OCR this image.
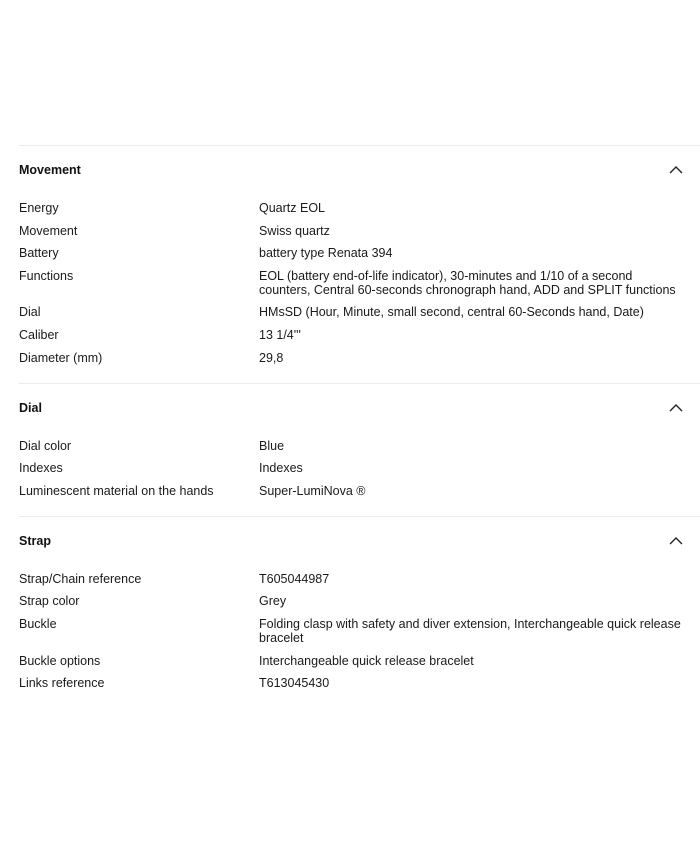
Movement
Energy	Quartz EOL
Movement	Swiss quartz
Battery	battery type Renata 394
Functions	EOL (battery end-of-life indicator), 30-minutes and 1/10 of a second counters, Central 60-seconds chronograph hand, ADD and SPLIT functions
Dial	HMsSD (Hour, Minute, small second, central 60-Seconds hand, Date)
Caliber	13 1/4'''
Diameter (mm)	29,8
Dial
Dial color	Blue
Indexes	Indexes
Luminescent material on the hands	Super-LumiNova ®
Strap
Strap/Chain reference	T605044987
Strap color	Grey
Buckle	Folding clasp with safety and diver extension, Interchangeable quick release bracelet
Buckle options	Interchangeable quick release bracelet
Links reference	T613045430
